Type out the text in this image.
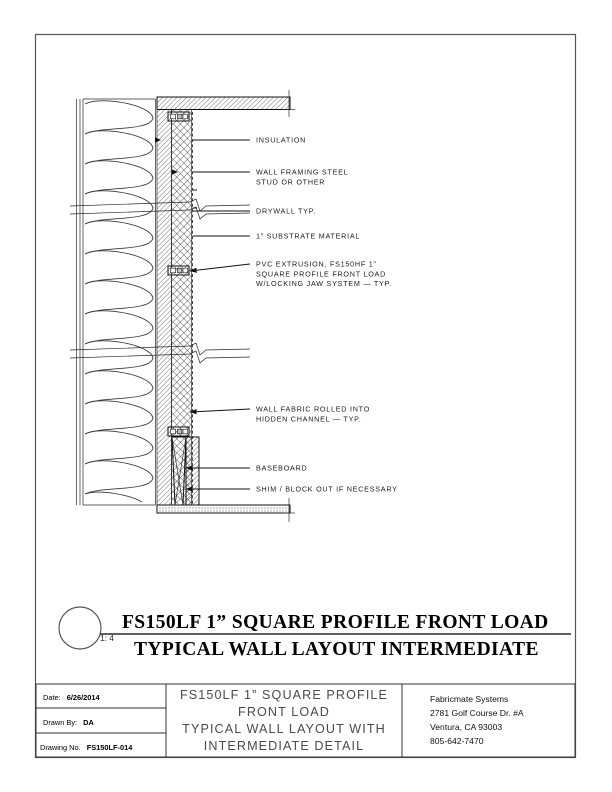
INSULATION
WALL FRAMING STEEL
STUD OR OTHER
DRYWALL TYP.
1” SUBSTRATE MATERIAL
PVC EXTRUSION, FS150HF 1”
SQUARE PROFILE FRONT LOAD
W/LOCKING JAW SYSTEM — TYP.
WALL FABRIC ROLLED INTO
HIDDEN CHANNEL — TYP.
BASEBOARD
SHIM / BLOCK OUT IF NECESSARY
1: 4
FS150LF 1” SQUARE PROFILE FRONT LOAD
TYPICAL WALL LAYOUT INTERMEDIATE
Date: 6/26/2014
Drawn By: DA
Drawing No. FS150LF-014
FS150LF 1” SQUARE PROFILE
FRONT LOAD
TYPICAL WALL LAYOUT WITH
INTERMEDIATE DETAIL
Fabricmate Systems
2781 Golf Course Dr. #A
Ventura, CA 93003
805-642-7470
